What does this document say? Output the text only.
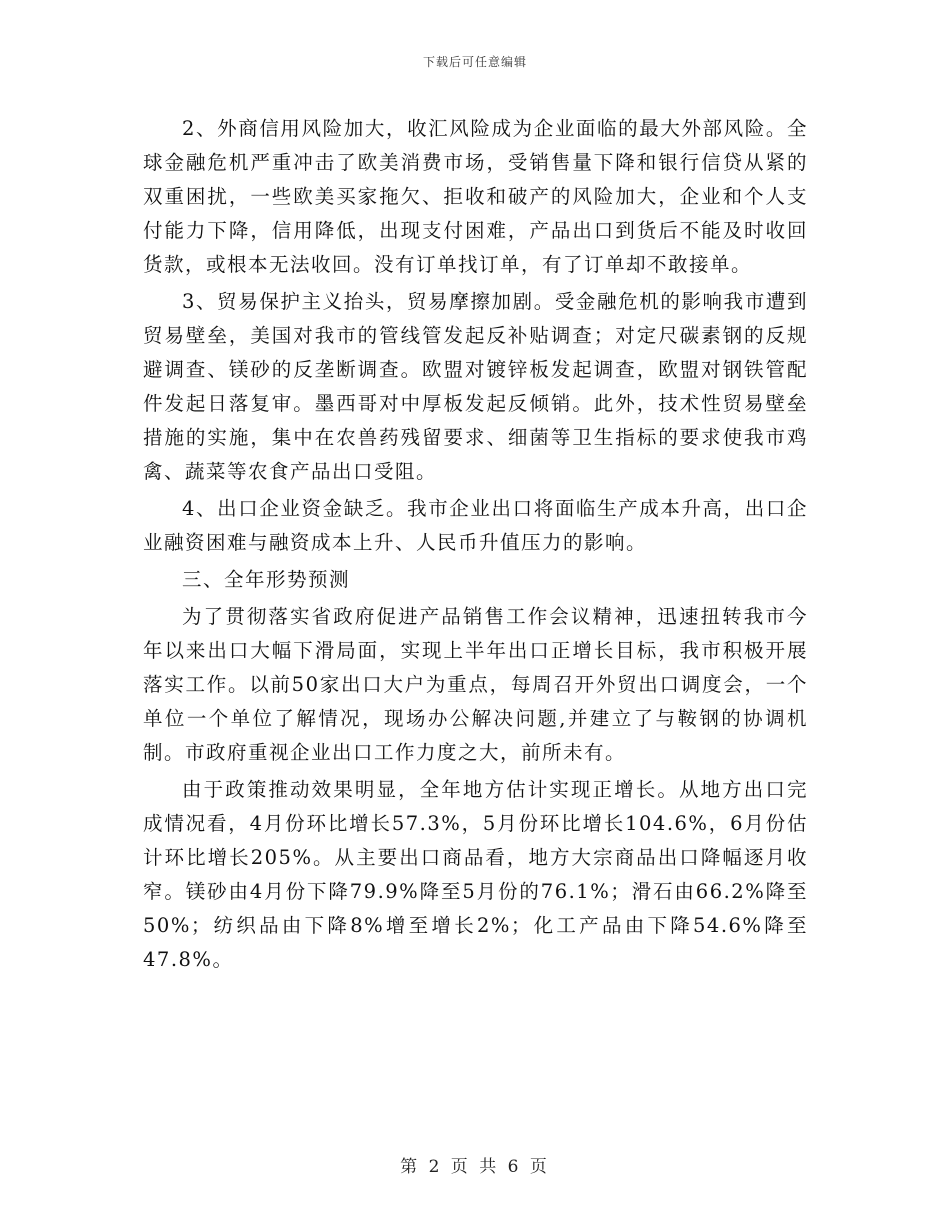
下载后可任意编辑

2、外商信用风险加大，收汇风险成为企业面临的最大外部风险。全球金融危机严重冲击了欧美消费市场，受销售量下降和银行信贷从紧的双重困扰，一些欧美买家拖欠、拒收和破产的风险加大，企业和个人支付能力下降，信用降低，出现支付困难，产品出口到货后不能及时收回货款，或根本无法收回。没有订单找订单，有了订单却不敢接单。

3、贸易保护主义抬头，贸易摩擦加剧。受金融危机的影响我市遭到贸易壁垒，美国对我市的管线管发起反补贴调查；对定尺碳素钢的反规避调查、镁砂的反垄断调查。欧盟对镀锌板发起调查，欧盟对钢铁管配件发起日落复审。墨西哥对中厚板发起反倾销。此外，技术性贸易壁垒措施的实施，集中在农兽药残留要求、细菌等卫生指标的要求使我市鸡禽、蔬菜等农食产品出口受阻。

4、出口企业资金缺乏。我市企业出口将面临生产成本升高，出口企业融资困难与融资成本上升、人民币升值压力的影响。

三、全年形势预测

为了贯彻落实省政府促进产品销售工作会议精神，迅速扭转我市今年以来出口大幅下滑局面，实现上半年出口正增长目标，我市积极开展落实工作。以前50家出口大户为重点，每周召开外贸出口调度会，一个单位一个单位了解情况，现场办公解决问题,并建立了与鞍钢的协调机制。市政府重视企业出口工作力度之大，前所未有。

由于政策推动效果明显，全年地方估计实现正增长。从地方出口完成情况看，4月份环比增长57.3%，5月份环比增长104.6%，6月份估计环比增长205%。从主要出口商品看，地方大宗商品出口降幅逐月收窄。镁砂由4月份下降79.9%降至5月份的76.1%；滑石由66.2%降至50%；纺织品由下降8%增至增长2%；化工产品由下降54.6%降至47.8%。

第 2 页 共 6 页
